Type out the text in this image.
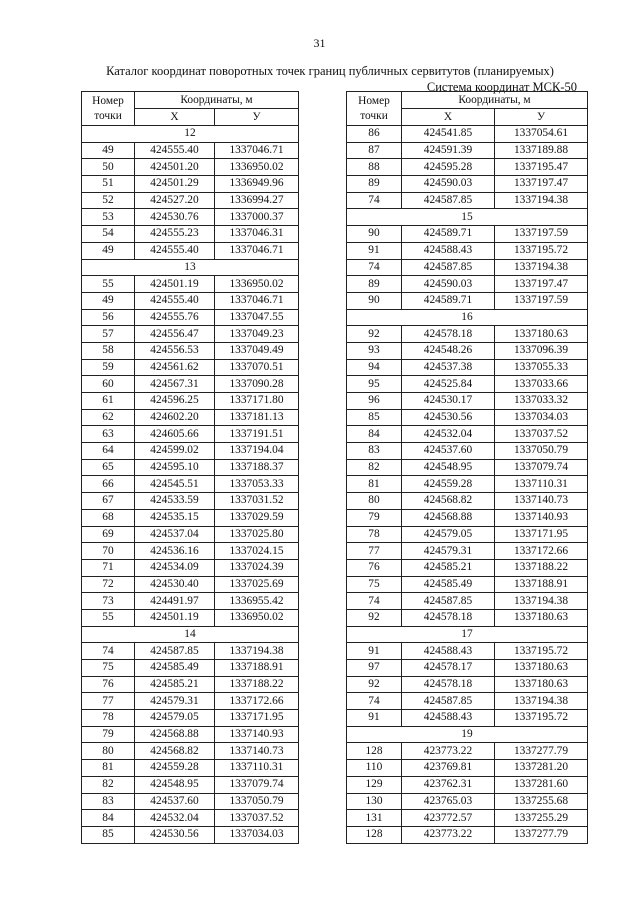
31
Каталог координат поворотных точек границ публичных сервитутов (планируемых)
Система координат МСК-50
Номер точки	Координаты, м	
	Х	У
12		
49	424555.40	1337046.71
50	424501.20	1336950.02
51	424501.29	1336949.96
52	424527.20	1336994.27
53	424530.76	1337000.37
54	424555.23	1337046.31
49	424555.40	1337046.71
13		
55	424501.19	1336950.02
49	424555.40	1337046.71
56	424555.76	1337047.55
57	424556.47	1337049.23
58	424556.53	1337049.49
59	424561.62	1337070.51
60	424567.31	1337090.28
61	424596.25	1337171.80
62	424602.20	1337181.13
63	424605.66	1337191.51
64	424599.02	1337194.04
65	424595.10	1337188.37
66	424545.51	1337053.33
67	424533.59	1337031.52
68	424535.15	1337029.59
69	424537.04	1337025.80
70	424536.16	1337024.15
71	424534.09	1337024.39
72	424530.40	1337025.69
73	424491.97	1336955.42
55	424501.19	1336950.02
14		
74	424587.85	1337194.38
75	424585.49	1337188.91
76	424585.21	1337188.22
77	424579.31	1337172.66
78	424579.05	1337171.95
79	424568.88	1337140.93
80	424568.82	1337140.73
81	424559.28	1337110.31
82	424548.95	1337079.74
83	424537.60	1337050.79
84	424532.04	1337037.52
85	424530.56	1337034.03
Номер точки	Координаты, м	
	Х	У
86	424541.85	1337054.61
87	424591.39	1337189.88
88	424595.28	1337195.47
89	424590.03	1337197.47
74	424587.85	1337194.38
15		
90	424589.71	1337197.59
91	424588.43	1337195.72
74	424587.85	1337194.38
89	424590.03	1337197.47
90	424589.71	1337197.59
16		
92	424578.18	1337180.63
93	424548.26	1337096.39
94	424537.38	1337055.33
95	424525.84	1337033.66
96	424530.17	1337033.32
85	424530.56	1337034.03
84	424532.04	1337037.52
83	424537.60	1337050.79
82	424548.95	1337079.74
81	424559.28	1337110.31
80	424568.82	1337140.73
79	424568.88	1337140.93
78	424579.05	1337171.95
77	424579.31	1337172.66
76	424585.21	1337188.22
75	424585.49	1337188.91
74	424587.85	1337194.38
92	424578.18	1337180.63
17		
91	424588.43	1337195.72
97	424578.17	1337180.63
92	424578.18	1337180.63
74	424587.85	1337194.38
91	424588.43	1337195.72
19		
128	423773.22	1337277.79
110	423769.81	1337281.20
129	423762.31	1337281.60
130	423765.03	1337255.68
131	423772.57	1337255.29
128	423773.22	1337277.79
